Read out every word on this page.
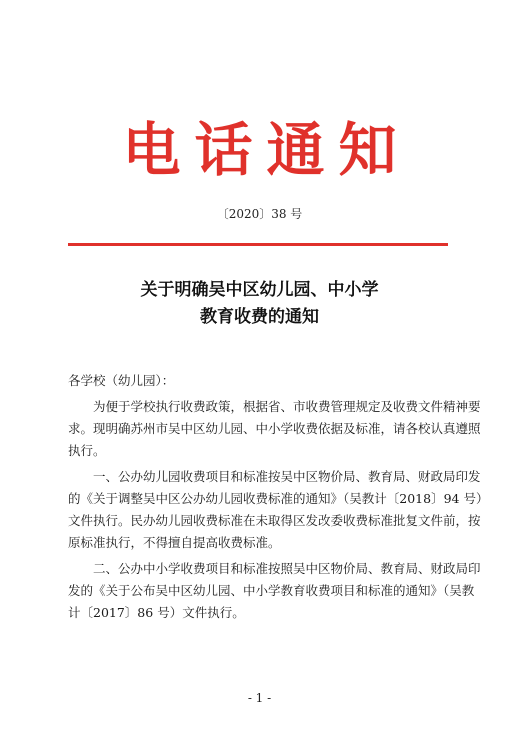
电话通知
〔2020〕38 号
关于明确吴中区幼儿园、中小学
教育收费的通知
各学校（幼儿园）：
为便于学校执行收费政策，根据省、市收费管理规定及收费文件精神要
求。现明确苏州市吴中区幼儿园、中小学收费依据及标准，请各校认真遵照
执行。
一、公办幼儿园收费项目和标准按吴中区物价局、教育局、财政局印发
的《关于调整吴中区公办幼儿园收费标准的通知》（吴教计〔2018〕94 号）
文件执行。民办幼儿园收费标准在未取得区发改委收费标准批复文件前，按
原标准执行，不得擅自提高收费标准。
二、公办中小学收费项目和标准按照吴中区物价局、教育局、财政局印
发的《关于公布吴中区幼儿园、中小学教育收费项目和标准的通知》（吴教
计〔2017〕86 号）文件执行。
- 1 -
